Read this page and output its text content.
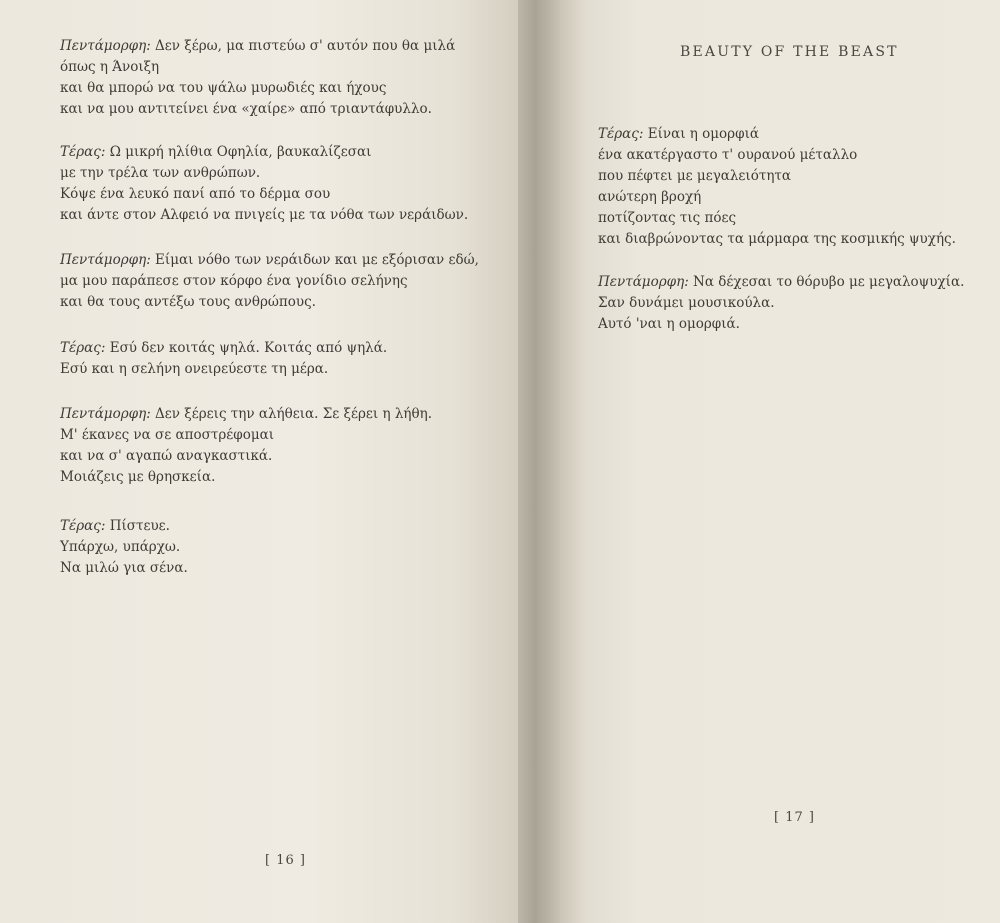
Πεντάμορφη: Δεν ξέρω, μα πιστεύω σ' αυτόν που θα μιλά
όπως η Άνοιξη
και θα μπορώ να του ψάλω μυρωδιές και ήχους
και να μου αντιτείνει ένα «χαίρε» από τριαντάφυλλο.

Τέρας: Ω μικρή ηλίθια Οφηλία, βαυκαλίζεσαι
με την τρέλα των ανθρώπων.
Κόψε ένα λευκό πανί από το δέρμα σου
και άντε στον Αλφειό να πνιγείς με τα νόθα των νεράιδων.

Πεντάμορφη: Είμαι νόθο των νεράιδων και με εξόρισαν εδώ,
μα μου παράπεσε στον κόρφο ένα γονίδιο σελήνης
και θα τους αντέξω τους ανθρώπους.

Τέρας: Εσύ δεν κοιτάς ψηλά. Κοιτάς από ψηλά.
Εσύ και η σελήνη ονειρεύεστε τη μέρα.

Πεντάμορφη: Δεν ξέρεις την αλήθεια. Σε ξέρει η λήθη.
Μ' έκανες να σε αποστρέφομαι
και να σ' αγαπώ αναγκαστικά.
Μοιάζεις με θρησκεία.

Τέρας: Πίστευε.
Υπάρχω, υπάρχω.
Να μιλώ για σένα.

[ 16 ]
BEAUTY OF THE BEAST

Τέρας: Είναι η ομορφιά
ένα ακατέργαστο τ' ουρανού μέταλλο
που πέφτει με μεγαλειότητα
ανώτερη βροχή
ποτίζοντας τις πόες
και διαβρώνοντας τα μάρμαρα της κοσμικής ψυχής.

Πεντάμορφη: Να δέχεσαι το θόρυβο με μεγαλοψυχία.
Σαν δυνάμει μουσικούλα.
Αυτό 'ναι η ομορφιά.

[ 17 ]
